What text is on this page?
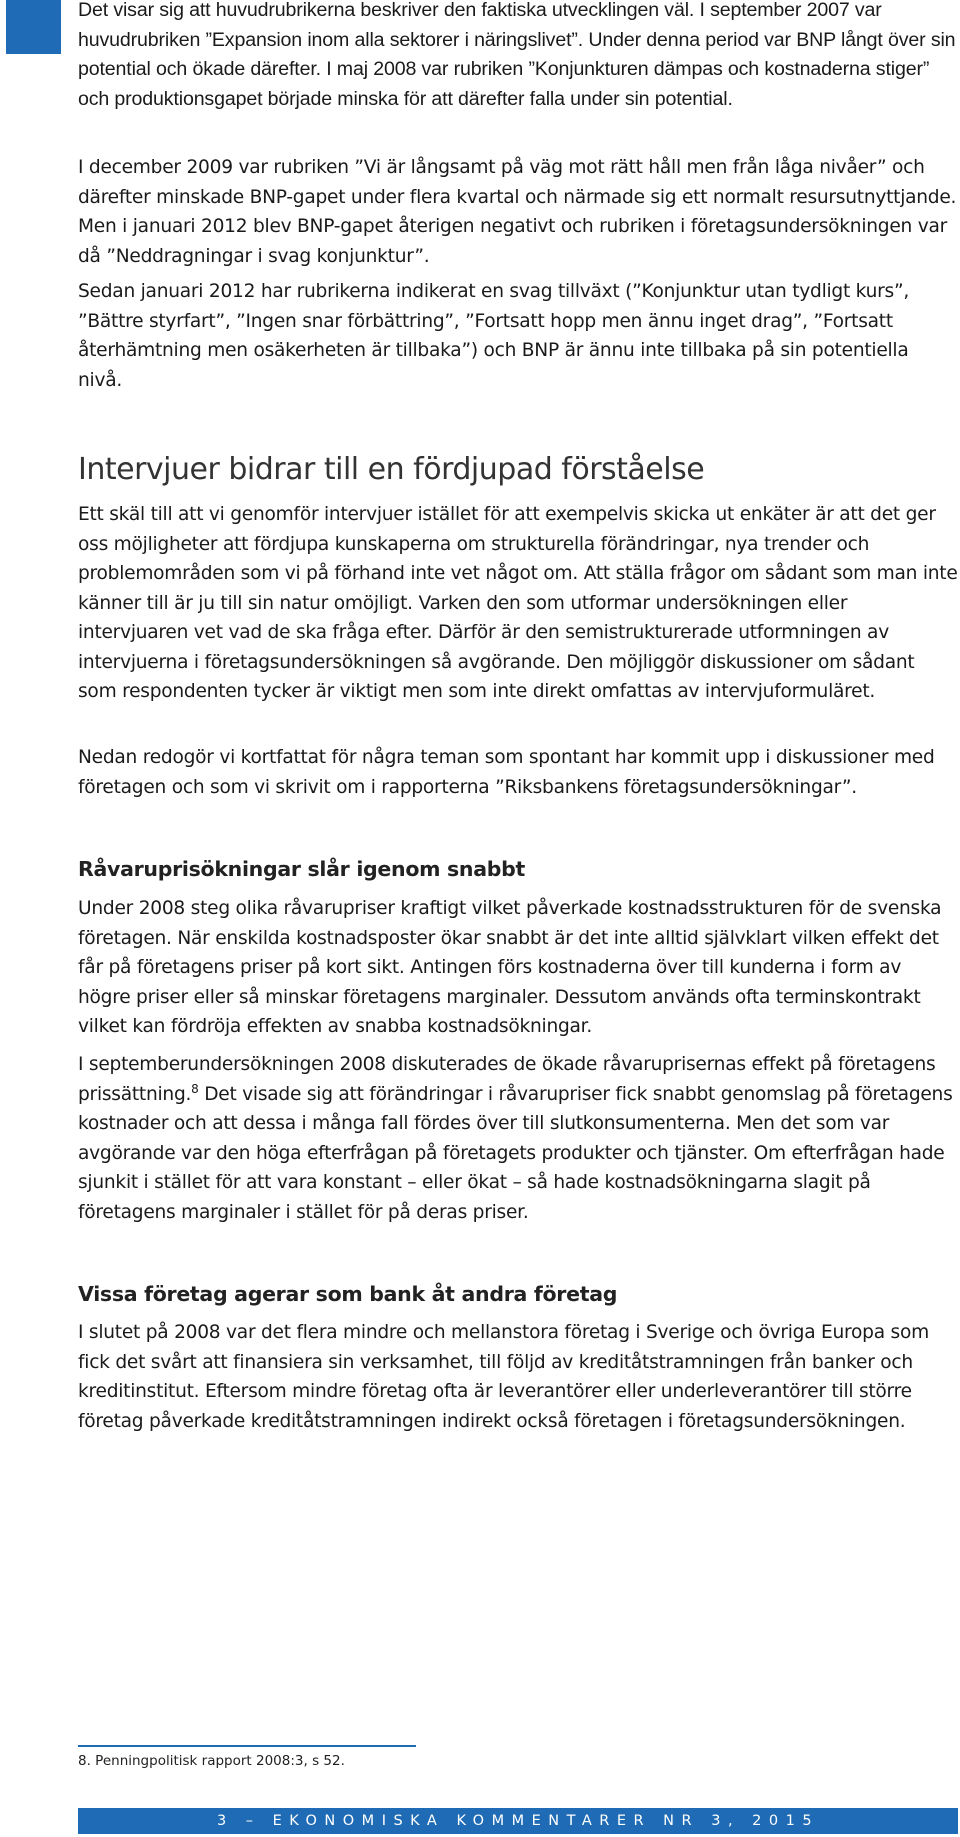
Det visar sig att huvudrubrikerna beskriver den faktiska utvecklingen väl. I september 2007 var huvudrubriken ”Expansion inom alla sektorer i näringslivet”. Under denna period var BNP långt över sin potential och ökade därefter. I maj 2008 var rubriken ”Konjunkturen dämpas och kostnaderna stiger” och produktionsgapet började minska för att därefter falla under sin potential.

I december 2009 var rubriken ”Vi är långsamt på väg mot rätt håll men från låga nivåer” och därefter minskade BNP-gapet under flera kvartal och närmade sig ett normalt resursutnyttjande. Men i januari 2012 blev BNP-gapet återigen negativt och rubriken i företagsundersökningen var då ”Neddragningar i svag konjunktur”.

Sedan januari 2012 har rubrikerna indikerat en svag tillväxt (”Konjunktur utan tydligt kurs”, ”Bättre styrfart”, ”Ingen snar förbättring”, ”Fortsatt hopp men ännu inget drag”, ”Fortsatt återhämtning men osäkerheten är tillbaka”) och BNP är ännu inte tillbaka på sin potentiella nivå.

Intervjuer bidrar till en fördjupad förståelse

Ett skäl till att vi genomför intervjuer istället för att exempelvis skicka ut enkäter är att det ger oss möjligheter att fördjupa kunskaperna om strukturella förändringar, nya trender och problemområden som vi på förhand inte vet något om. Att ställa frågor om sådant som man inte känner till är ju till sin natur omöjligt. Varken den som utformar undersökningen eller intervjuaren vet vad de ska fråga efter. Därför är den semistrukturerade utformningen av intervjuerna i företagsundersökningen så avgörande. Den möjliggör diskussioner om sådant som respondenten tycker är viktigt men som inte direkt omfattas av intervjuformuläret.

Nedan redogör vi kortfattat för några teman som spontant har kommit upp i diskussioner med företagen och som vi skrivit om i rapporterna ”Riksbankens företagsundersökningar”.

Råvaruprisökningar slår igenom snabbt

Under 2008 steg olika råvarupriser kraftigt vilket påverkade kostnadsstrukturen för de svenska företagen. När enskilda kostnadsposter ökar snabbt är det inte alltid självklart vilken effekt det får på företagens priser på kort sikt. Antingen förs kostnaderna över till kunderna i form av högre priser eller så minskar företagens marginaler. Dessutom används ofta terminskontrakt vilket kan fördröja effekten av snabba kostnadsökningar.

I septemberundersökningen 2008 diskuterades de ökade råvaruprisernas effekt på företagens prissättning.$^8$ Det visade sig att förändringar i råvarupriser fick snabbt genomslag på företagens kostnader och att dessa i många fall fördes över till slutkonsumenterna. Men det som var avgörande var den höga efterfrågan på företagets produkter och tjänster. Om efterfrågan hade sjunkit i stället för att vara konstant – eller ökat – så hade kostnadsökningarna slagit på företagens marginaler i stället för på deras priser.

Vissa företag agerar som bank åt andra företag

I slutet på 2008 var det flera mindre och mellanstora företag i Sverige och övriga Europa som fick det svårt att finansiera sin verksamhet, till följd av kreditåtstramningen från banker och kreditinstitut. Eftersom mindre företag ofta är leverantörer eller underleverantörer till större företag påverkade kreditåtstramningen indirekt också företagen i företagsundersökningen.

8. Penningpolitisk rapport 2008:3, s 52.
3 – EKONOMISKA KOMMENTARER NR 3, 2015
